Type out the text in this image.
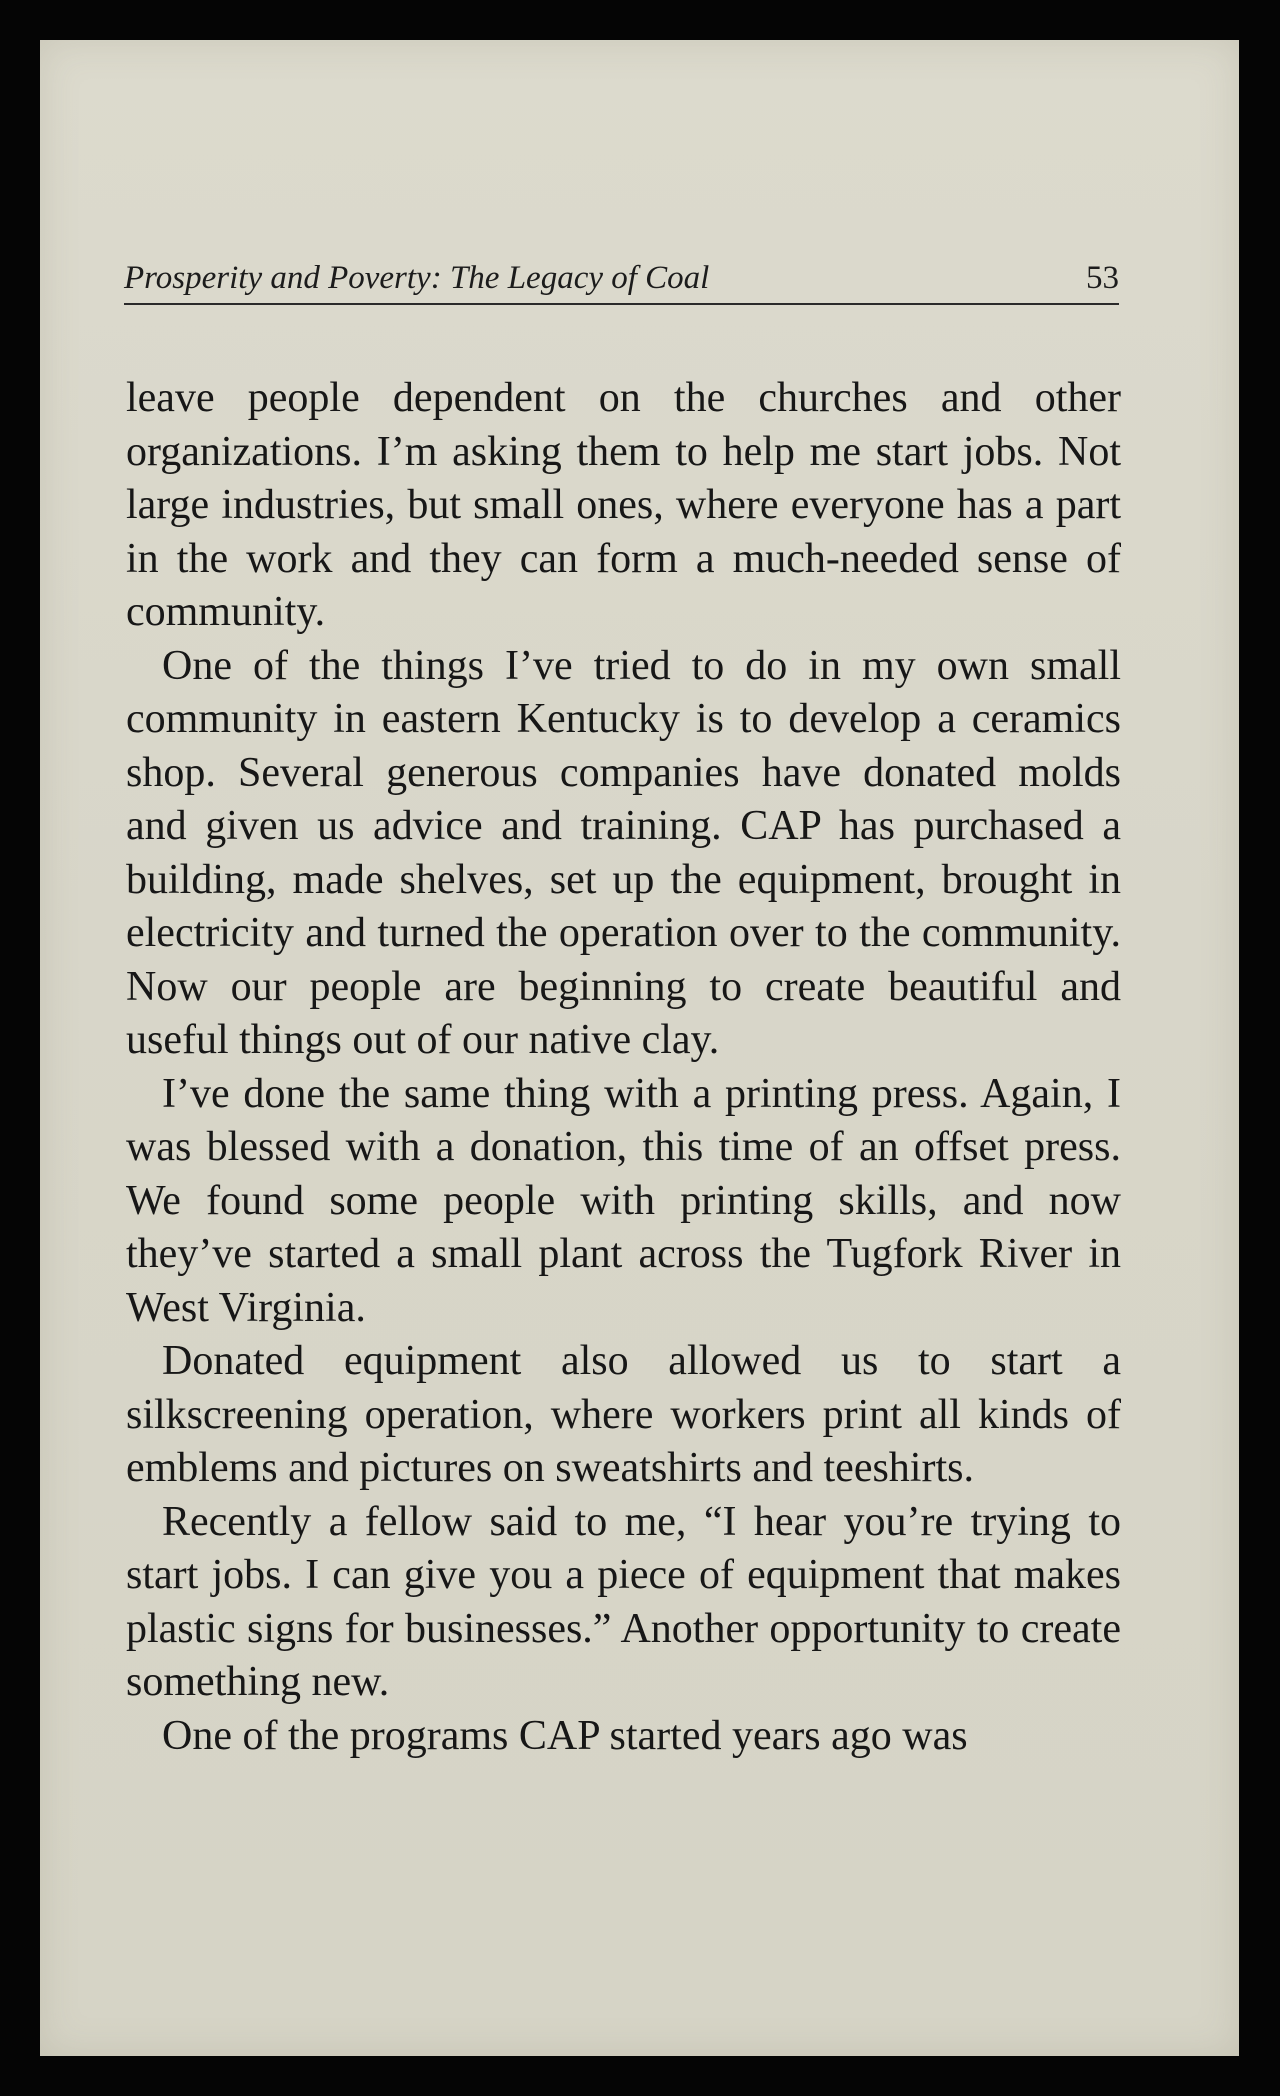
Prosperity and Poverty: The Legacy of Coal	53

leave people dependent on the churches and other organizations. I’m asking them to help me start jobs. Not large industries, but small ones, where everyone has a part in the work and they can form a much-needed sense of community.

One of the things I’ve tried to do in my own small community in eastern Kentucky is to develop a ceramics shop. Several generous companies have donated molds and given us advice and training. CAP has purchased a building, made shelves, set up the equipment, brought in electricity and turned the operation over to the community. Now our people are beginning to create beautiful and useful things out of our native clay.

I’ve done the same thing with a printing press. Again, I was blessed with a donation, this time of an offset press. We found some people with printing skills, and now they’ve started a small plant across the Tugfork River in West Virginia.

Donated equipment also allowed us to start a silkscreening operation, where workers print all kinds of emblems and pictures on sweatshirts and teeshirts.

Recently a fellow said to me, “I hear you’re trying to start jobs. I can give you a piece of equipment that makes plastic signs for businesses.” Another opportunity to create something new.

One of the programs CAP started years ago was
